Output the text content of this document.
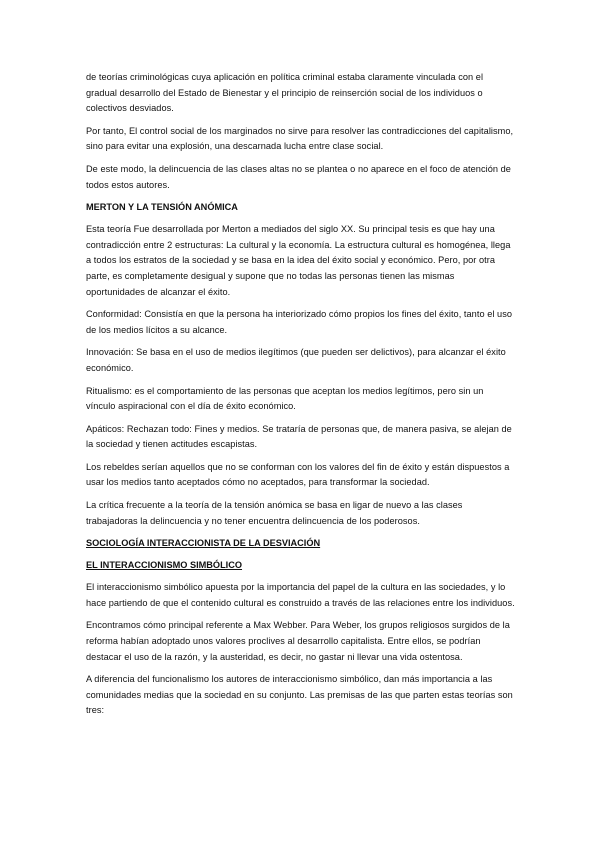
de teorías criminológicas cuya aplicación en política criminal estaba claramente vinculada con el gradual desarrollo del Estado de Bienestar y el principio de reinserción social de los individuos o colectivos desviados.

Por tanto, El control social de los marginados no sirve para resolver las contradicciones del capitalismo, sino para evitar una explosión, una descarnada lucha entre clase social.

De este modo, la delincuencia de las clases altas no se plantea o no aparece en el foco de atención de todos estos autores.

MERTON Y LA TENSIÓN ANÓMICA

Esta teoría Fue desarrollada por Merton a mediados del siglo XX. Su principal tesis es que hay una contradicción entre 2 estructuras: La cultural y la economía. La estructura cultural es homogénea, llega a todos los estratos de la sociedad y se basa en la idea del éxito social y económico. Pero, por otra parte, es completamente desigual y supone que no todas las personas tienen las mismas oportunidades de alcanzar el éxito.

Conformidad: Consistía en que la persona ha interiorizado cómo propios los fines del éxito, tanto el uso de los medios lícitos a su alcance.

Innovación: Se basa en el uso de medios ilegítimos (que pueden ser delictivos), para alcanzar el éxito económico.

Ritualismo: es el comportamiento de las personas que aceptan los medios legítimos, pero sin un vínculo aspiracional con el día de éxito económico.

Apáticos: Rechazan todo: Fines y medios. Se trataría de personas que, de manera pasiva, se alejan de la sociedad y tienen actitudes escapistas.

Los rebeldes serían aquellos que no se conforman con los valores del fin de éxito y están dispuestos a usar los medios tanto aceptados cómo no aceptados, para transformar la sociedad.

La crítica frecuente a la teoría de la tensión anómica se basa en ligar de nuevo a las clases trabajadoras la delincuencia y no tener encuentra delincuencia de los poderosos.

SOCIOLOGÍA INTERACCIONISTA DE LA DESVIACIÓN
EL INTERACCIONISMO SIMBÓLICO

El interaccionismo simbólico apuesta por la importancia del papel de la cultura en las sociedades, y lo hace partiendo de que el contenido cultural es construido a través de las relaciones entre los individuos.

Encontramos cómo principal referente a Max Webber. Para Weber, los grupos religiosos surgidos de la reforma habían adoptado unos valores proclives al desarrollo capitalista. Entre ellos, se podrían destacar el uso de la razón, y la austeridad, es decir, no gastar ni llevar una vida ostentosa.

A diferencia del funcionalismo los autores de interaccionismo simbólico, dan más importancia a las comunidades medias que la sociedad en su conjunto. Las premisas de las que parten estas teorías son tres:
